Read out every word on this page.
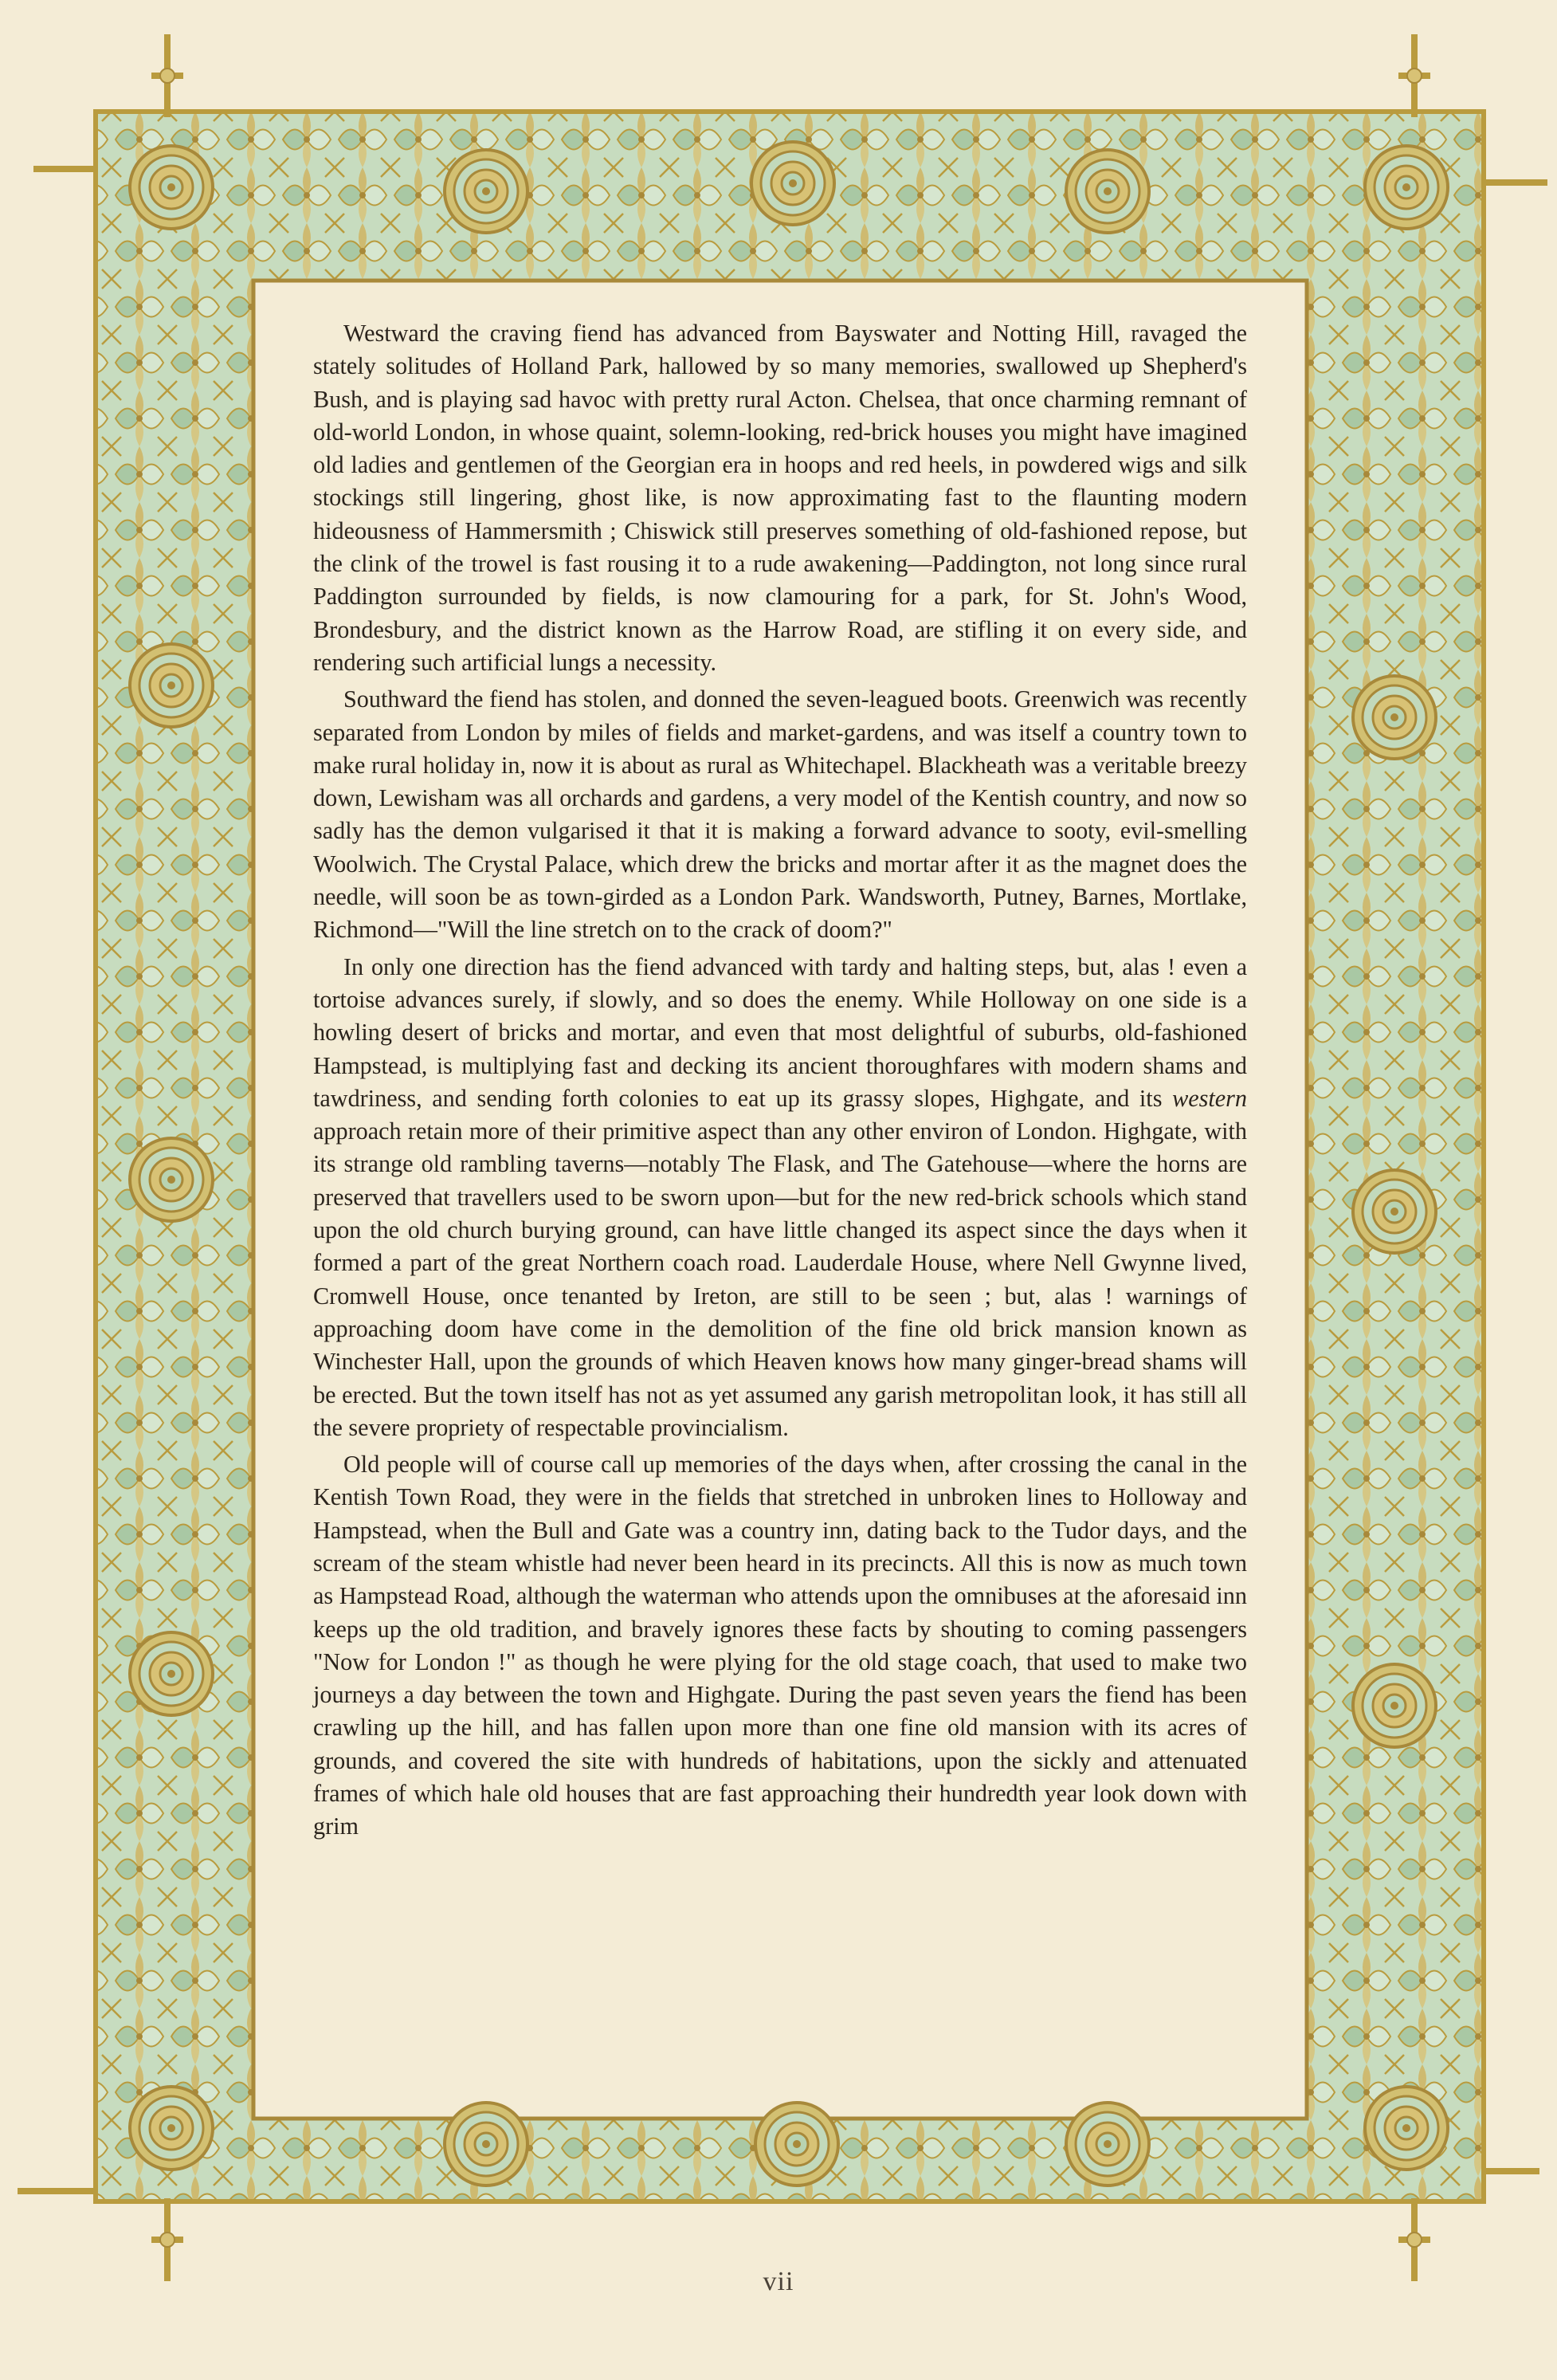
Westward the craving fiend has advanced from Bayswater and Notting Hill, ravaged the stately solitudes of Holland Park, hallowed by so many memories, swallowed up Shepherd's Bush, and is playing sad havoc with pretty rural Acton. Chelsea, that once charming remnant of old-world London, in whose quaint, solemn-looking, red-brick houses you might have imagined old ladies and gentlemen of the Georgian era in hoops and red heels, in powdered wigs and silk stockings still lingering, ghost like, is now approximating fast to the flaunting modern hideousness of Hammersmith ; Chiswick still preserves something of old-fashioned repose, but the clink of the trowel is fast rousing it to a rude awakening—Paddington, not long since rural Paddington surrounded by fields, is now clamouring for a park, for St. John's Wood, Brondesbury, and the district known as the Harrow Road, are stifling it on every side, and rendering such artificial lungs a necessity.

Southward the fiend has stolen, and donned the seven-leagued boots. Greenwich was recently separated from London by miles of fields and market-gardens, and was itself a country town to make rural holiday in, now it is about as rural as Whitechapel. Blackheath was a veritable breezy down, Lewisham was all orchards and gardens, a very model of the Kentish country, and now so sadly has the demon vulgarised it that it is making a forward advance to sooty, evil-smelling Woolwich. The Crystal Palace, which drew the bricks and mortar after it as the magnet does the needle, will soon be as town-girded as a London Park. Wandsworth, Putney, Barnes, Mortlake, Richmond—"Will the line stretch on to the crack of doom?"

In only one direction has the fiend advanced with tardy and halting steps, but, alas ! even a tortoise advances surely, if slowly, and so does the enemy. While Holloway on one side is a howling desert of bricks and mortar, and even that most delightful of suburbs, old-fashioned Hampstead, is multiplying fast and decking its ancient thoroughfares with modern shams and tawdriness, and sending forth colonies to eat up its grassy slopes, Highgate, and its western approach retain more of their primitive aspect than any other environ of London. Highgate, with its strange old rambling taverns—notably The Flask, and The Gatehouse—where the horns are preserved that travellers used to be sworn upon—but for the new red-brick schools which stand upon the old church burying ground, can have little changed its aspect since the days when it formed a part of the great Northern coach road. Lauderdale House, where Nell Gwynne lived, Cromwell House, once tenanted by Ireton, are still to be seen ; but, alas ! warnings of approaching doom have come in the demolition of the fine old brick mansion known as Winchester Hall, upon the grounds of which Heaven knows how many ginger-bread shams will be erected. But the town itself has not as yet assumed any garish metropolitan look, it has still all the severe propriety of respectable provincialism.

Old people will of course call up memories of the days when, after crossing the canal in the Kentish Town Road, they were in the fields that stretched in unbroken lines to Holloway and Hampstead, when the Bull and Gate was a country inn, dating back to the Tudor days, and the scream of the steam whistle had never been heard in its precincts. All this is now as much town as Hampstead Road, although the waterman who attends upon the omnibuses at the aforesaid inn keeps up the old tradition, and bravely ignores these facts by shouting to coming passengers "Now for London !" as though he were plying for the old stage coach, that used to make two journeys a day between the town and Highgate. During the past seven years the fiend has been crawling up the hill, and has fallen upon more than one fine old mansion with its acres of grounds, and covered the site with hundreds of habitations, upon the sickly and attenuated frames of which hale old houses that are fast approaching their hundredth year look down with grim

vii
